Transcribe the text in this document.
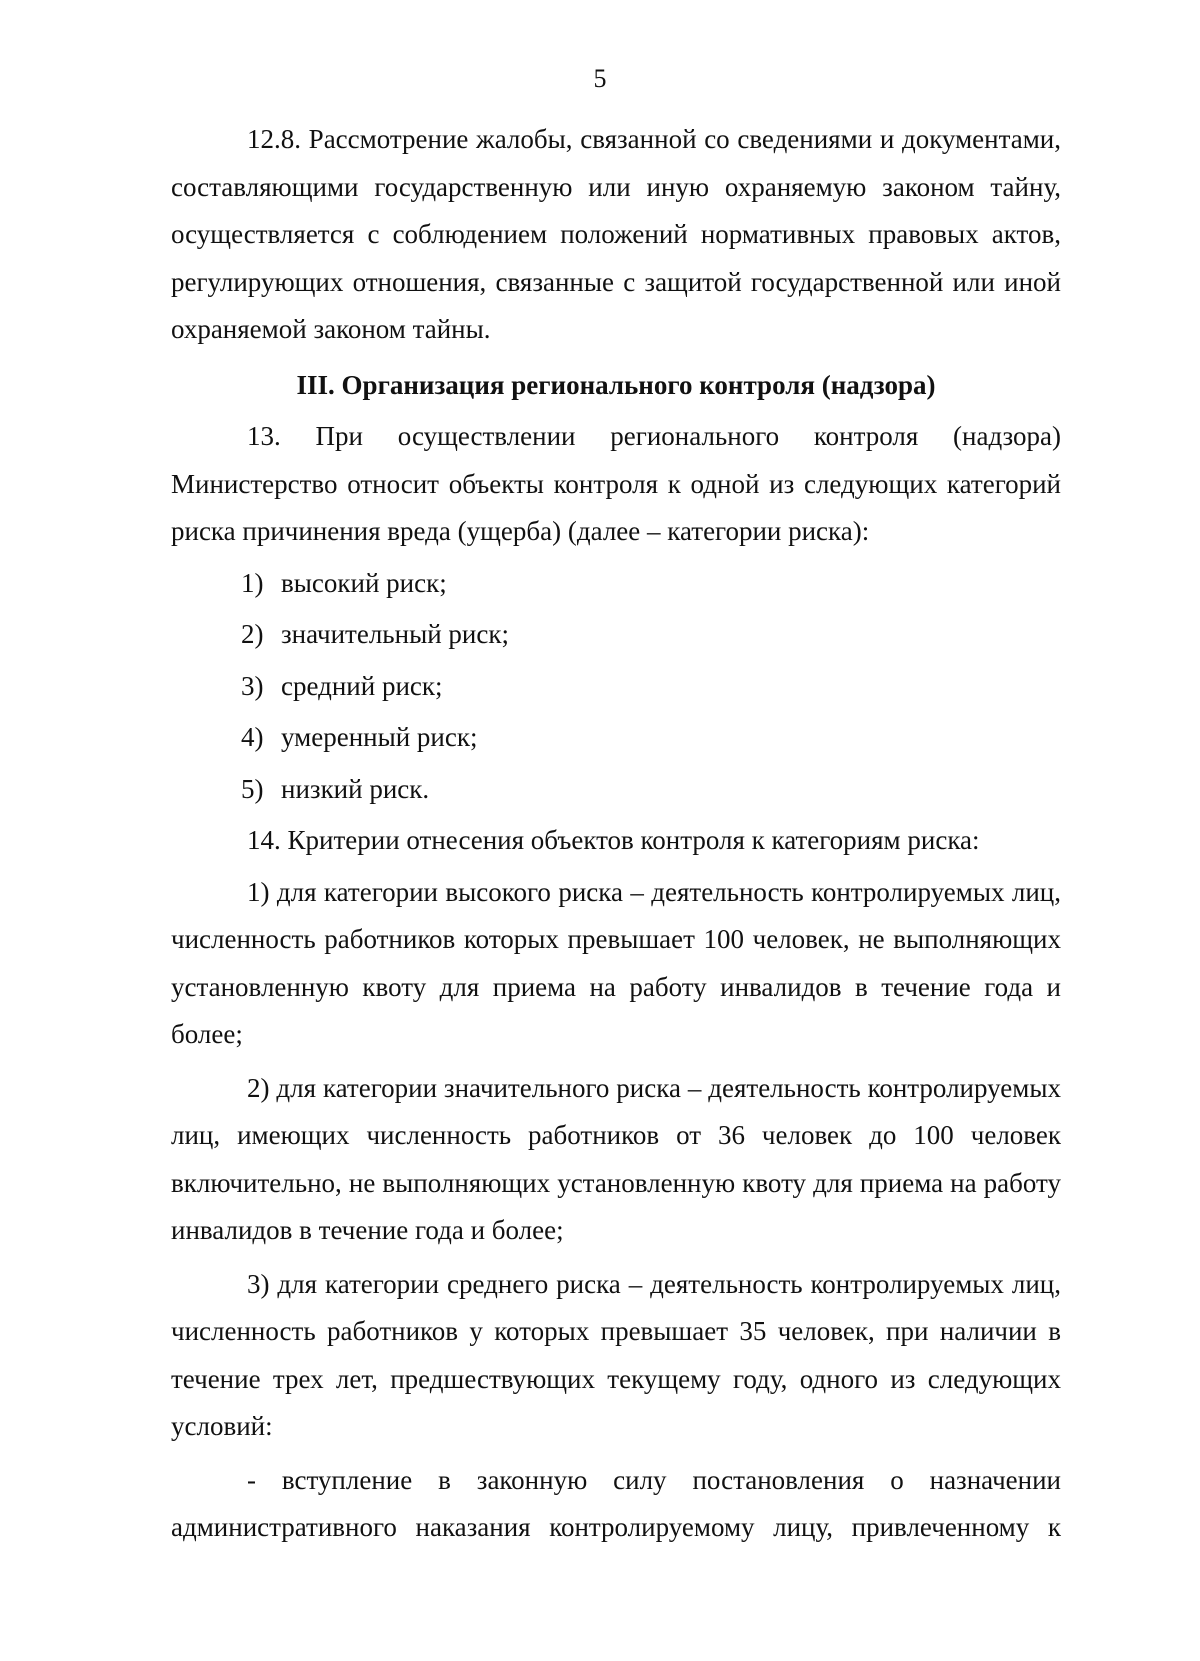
5

12.8. Рассмотрение жалобы, связанной со сведениями и документами, составляющими государственную или иную охраняемую законом тайну, осуществляется с соблюдением положений нормативных правовых актов, регулирующих отношения, связанные с защитой государственной или иной охраняемой законом тайны.

III. Организация регионального контроля (надзора)

13. При осуществлении регионального контроля (надзора) Министерство относит объекты контроля к одной из следующих категорий риска причинения вреда (ущерба) (далее – категории риска):

1) высокий риск;

2) значительный риск;

3) средний риск;

4) умеренный риск;

5) низкий риск.

14. Критерии отнесения объектов контроля к категориям риска:

1) для категории высокого риска – деятельность контролируемых лиц, численность работников которых превышает 100 человек, не выполняющих установленную квоту для приема на работу инвалидов в течение года и более;

2) для категории значительного риска – деятельность контролируемых лиц, имеющих численность работников от 36 человек до 100 человек включительно, не выполняющих установленную квоту для приема на работу инвалидов в течение года и более;

3) для категории среднего риска – деятельность контролируемых лиц, численность работников у которых превышает 35 человек, при наличии в течение трех лет, предшествующих текущему году, одного из следующих условий:

- вступление в законную силу постановления о назначении административного наказания контролируемому лицу, привлеченному к
